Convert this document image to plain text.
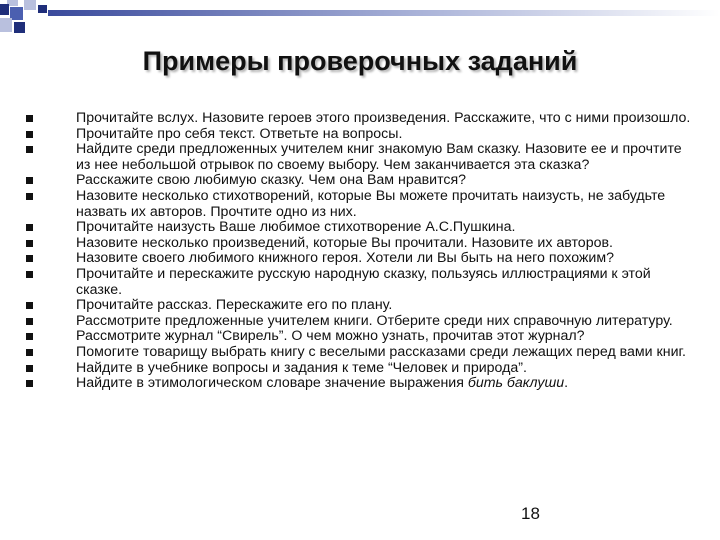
Примеры проверочных заданий
Прочитайте вслух. Назовите героев этого произведения. Расскажите, что с ними произошло.
Прочитайте про себя текст. Ответьте на вопросы.
Найдите среди предложенных учителем книг знакомую Вам сказку. Назовите ее и прочтите из нее небольшой отрывок по своему выбору. Чем заканчивается эта сказка?
Расскажите свою любимую сказку. Чем она Вам нравится?
Назовите несколько стихотворений, которые Вы можете прочитать наизусть, не забудьте назвать их авторов. Прочтите одно из них.
Прочитайте наизусть Ваше любимое стихотворение А.С.Пушкина.
Назовите несколько произведений, которые Вы прочитали. Назовите их авторов.
Назовите своего любимого книжного героя. Хотели ли Вы быть на него похожим?
Прочитайте и перескажите русскую народную сказку, пользуясь иллюстрациями к этой сказке.
Прочитайте рассказ. Перескажите его по плану.
Рассмотрите предложенные учителем книги. Отберите среди них справочную литературу.
Рассмотрите журнал “Свирель”. О чем можно узнать, прочитав этот журнал?
Помогите товарищу выбрать книгу с веселыми рассказами среди лежащих перед вами книг.
Найдите в учебнике вопросы и задания к теме “Человек и природа”.
Найдите в этимологическом словаре значение выражения бить баклуши.
18
